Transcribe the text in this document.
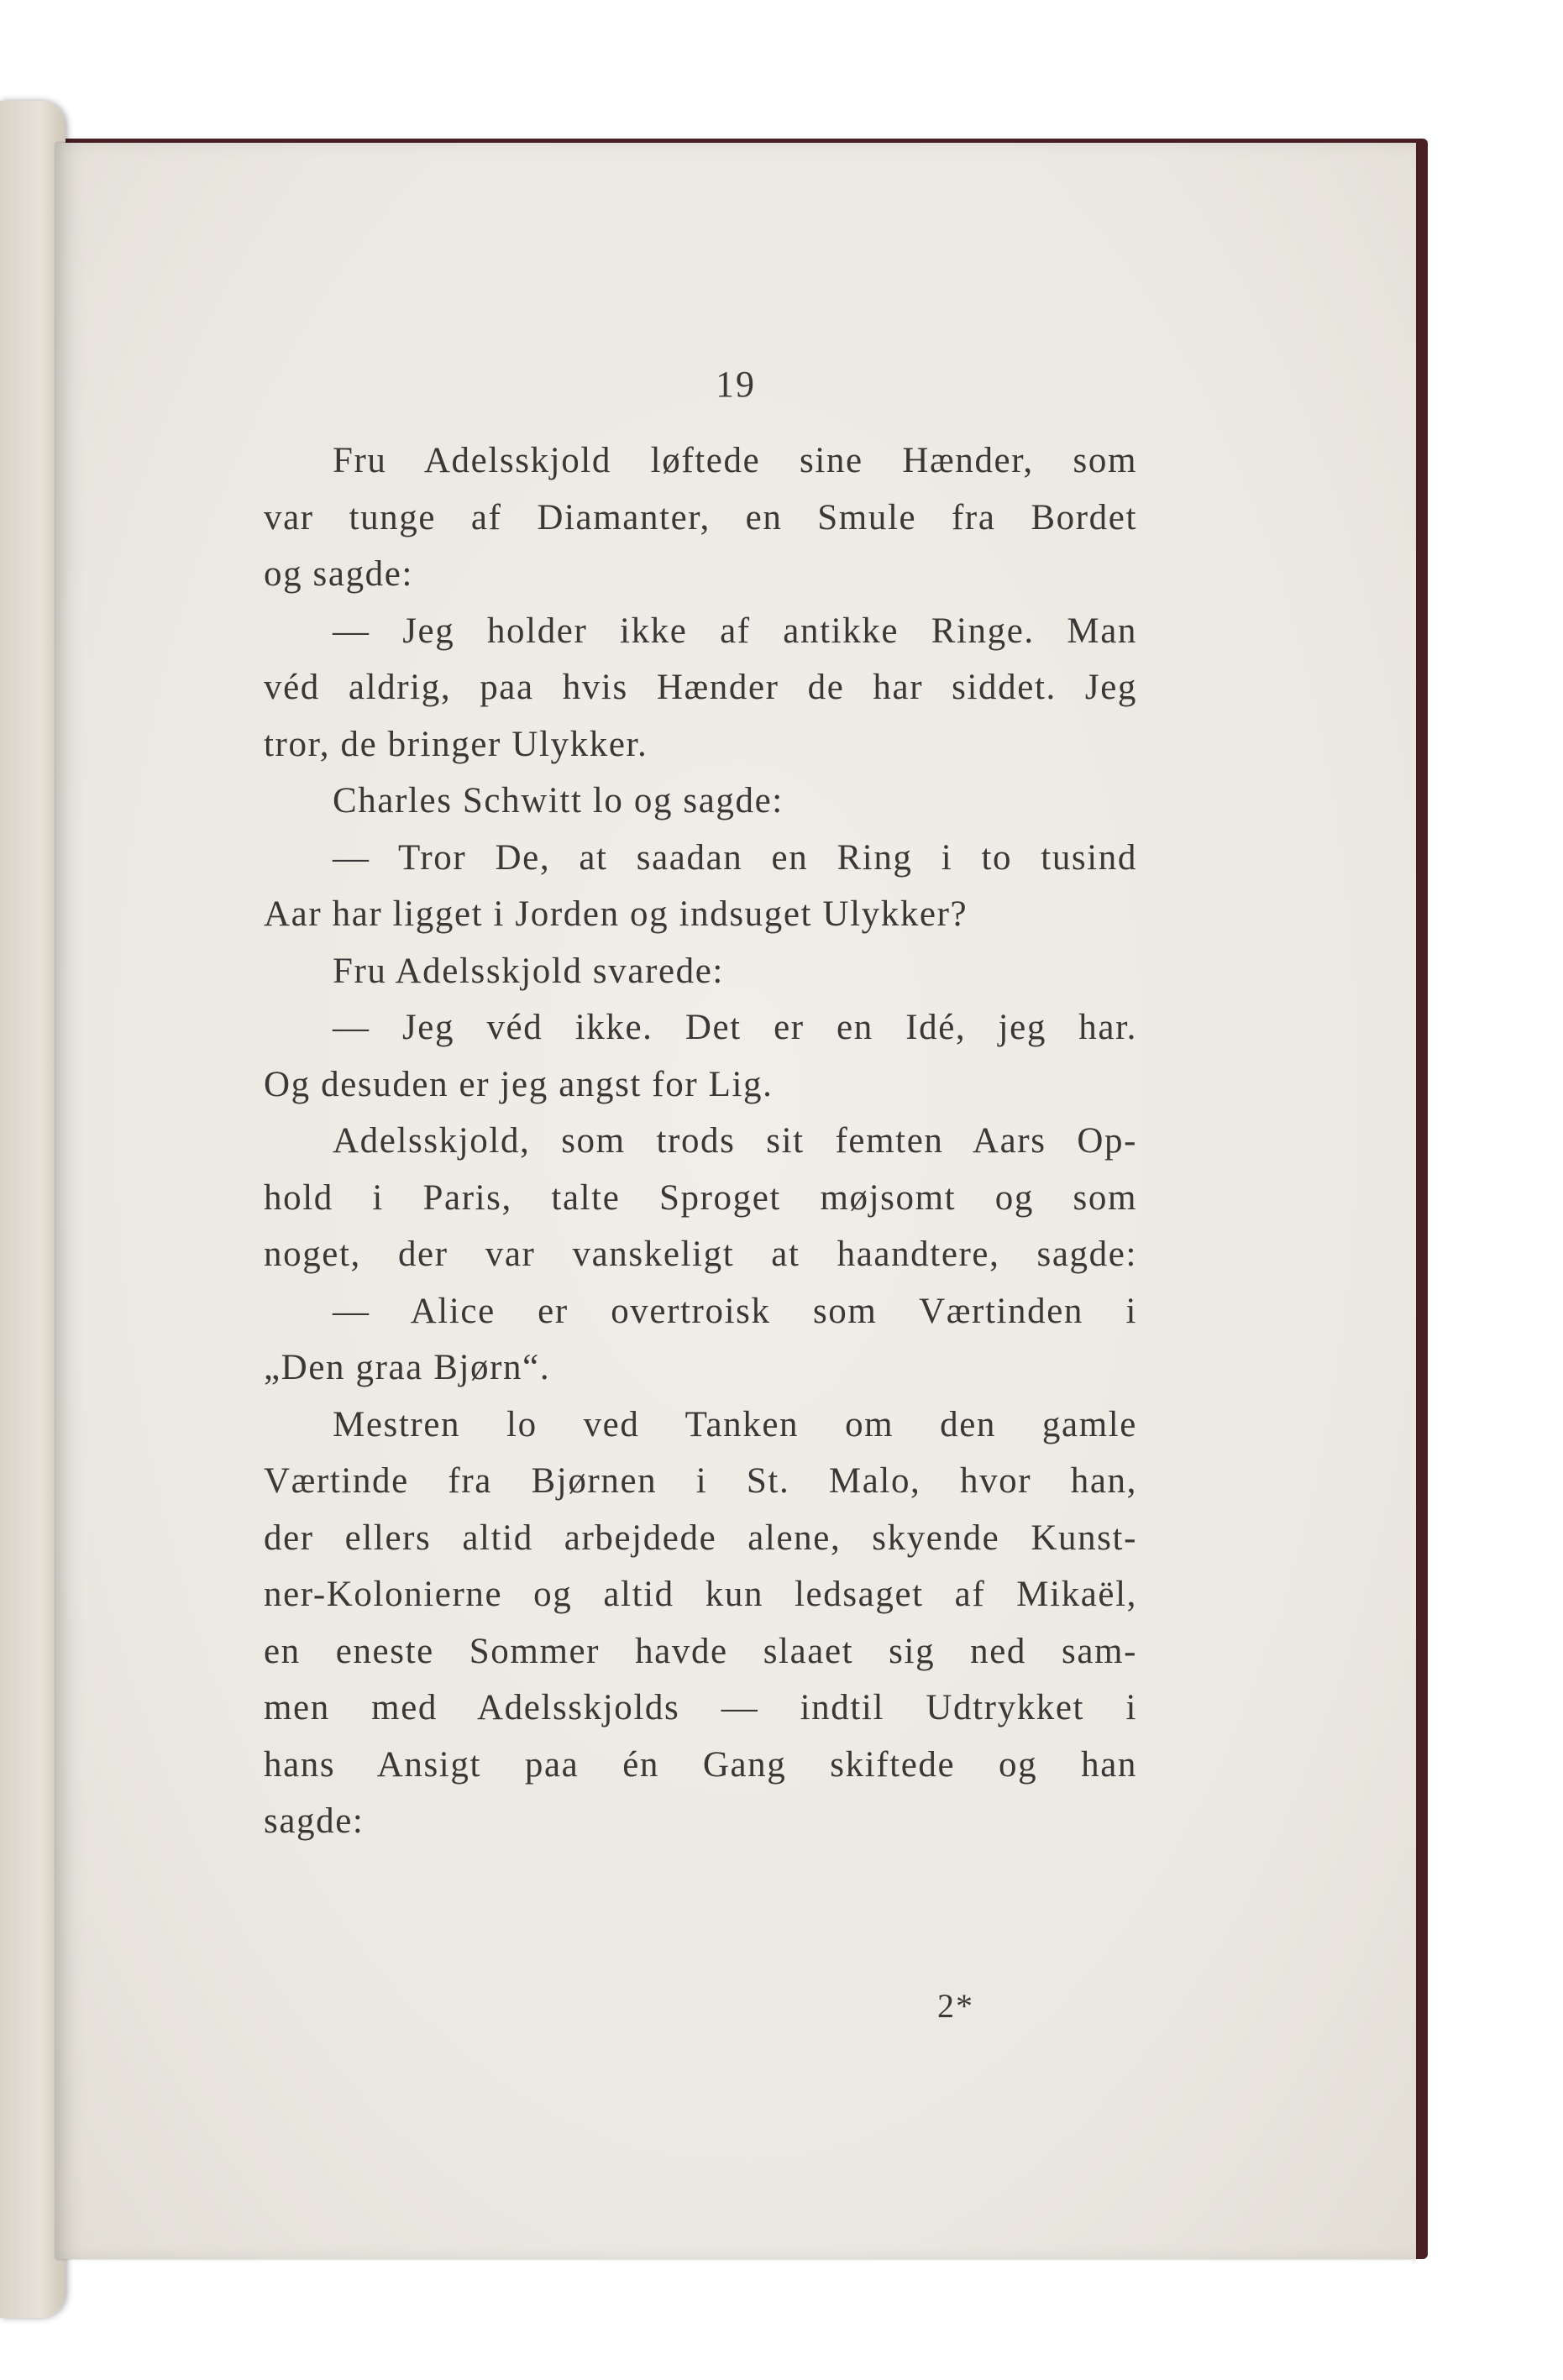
19
Fru Adelsskjold løftede sine Hænder, som
var tunge af Diamanter, en Smule fra Bordet
og sagde:
— Jeg holder ikke af antikke Ringe. Man
véd aldrig, paa hvis Hænder de har siddet. Jeg
tror, de bringer Ulykker.
Charles Schwitt lo og sagde:
— Tror De, at saadan en Ring i to tusind
Aar har ligget i Jorden og indsuget Ulykker?
Fru Adelsskjold svarede:
— Jeg véd ikke. Det er en Idé, jeg har.
Og desuden er jeg angst for Lig.
Adelsskjold, som trods sit femten Aars Op-
hold i Paris, talte Sproget møjsomt og som
noget, der var vanskeligt at haandtere, sagde:
— Alice er overtroisk som Værtinden i
„Den graa Bjørn“.
Mestren lo ved Tanken om den gamle
Værtinde fra Bjørnen i St. Malo, hvor han,
der ellers altid arbejdede alene, skyende Kunst-
ner-Kolonierne og altid kun ledsaget af Mikaël,
en eneste Sommer havde slaaet sig ned sam-
men med Adelsskjolds — indtil Udtrykket i
hans Ansigt paa én Gang skiftede og han
sagde:
2*
